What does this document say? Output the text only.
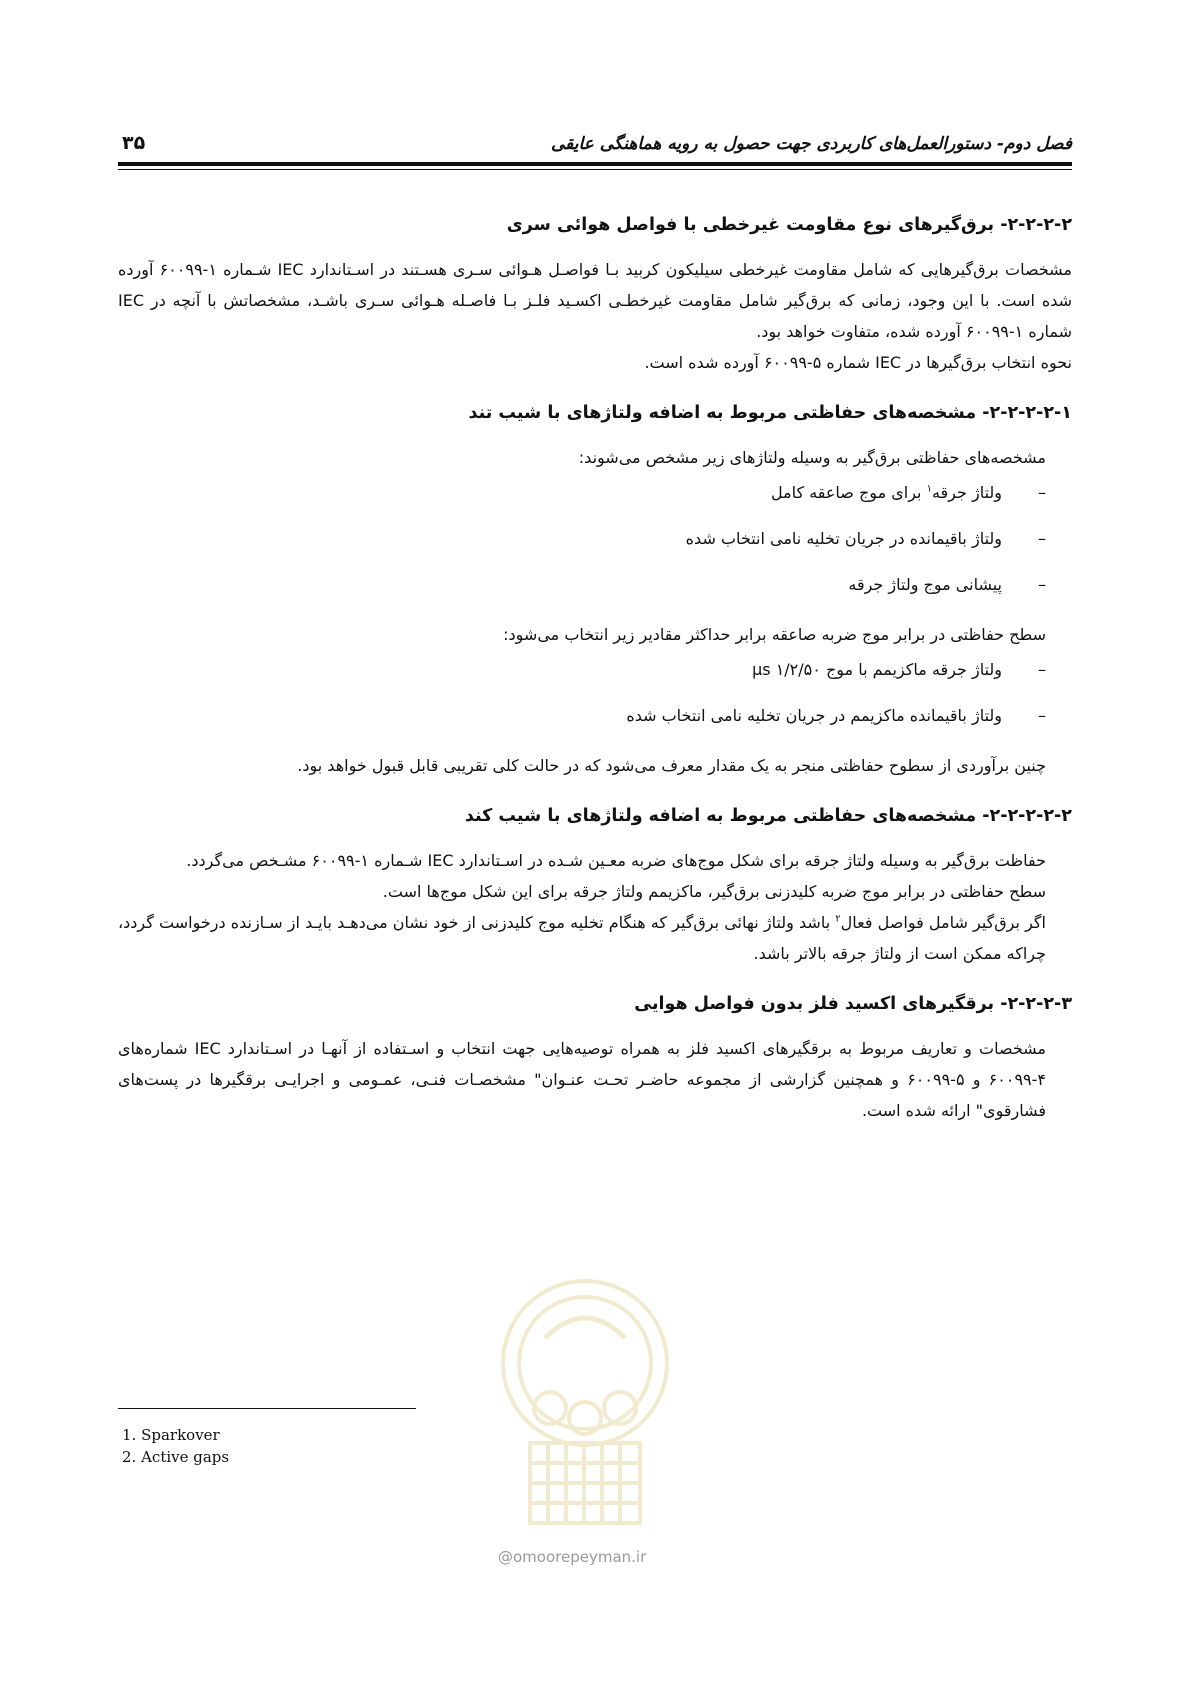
فصل دوم- دستورالعمل‌های کاربردی جهت حصول به رویه هماهنگی عایقی
۳۵
۲-۲-۲-۲- برق‌گیرهای نوع مقاومت غیرخطی با فواصل هوائی سری

مشخصات برق‌گیرهایی که شامل مقاومت غیرخطی سیلیکون کربید بـا فواصـل هـوائی سـری هسـتند در اسـتاندارد IEC شـماره ۱-۶۰۰۹۹ آورده شده است. با این وجود، زمانی که برق‌گیر شامل مقاومت غیرخطـی اکسـید فلـز بـا فاصـله هـوائی سـری باشـد، مشخصاتش با آنچه در IEC شماره ۱-۶۰۰۹۹ آورده شده، متفاوت خواهد بود.

نحوه انتخاب برق‌گیرها در IEC شماره ۵-۶۰۰۹۹ آورده شده است.

۲-۲-۲-۲-۱- مشخصه‌های حفاظتی مربوط به اضافه ولتاژهای با شیب تند

مشخصه‌های حفاظتی برق‌گیر به وسیله ولتاژهای زیر مشخص می‌شوند:

– ولتاژ جرقه$^۱$ برای موج صاعقه کامل
– ولتاژ باقیمانده در جریان تخلیه نامی انتخاب شده
– پیشانی موج ولتاژ جرقه

سطح حفاظتی در برابر موج ضربه صاعقه برابر حداکثر مقادیر زیر انتخاب می‌شود:

– ولتاژ جرقه ماکزیمم با موج µs ۱/۲/۵۰
– ولتاژ باقیمانده ماکزیمم در جریان تخلیه نامی انتخاب شده

چنین برآوردی از سطوح حفاظتی منجر به یک مقدار معرف می‌شود که در حالت کلی تقریبی قابل قبول خواهد بود.

۲-۲-۲-۲-۲- مشخصه‌های حفاظتی مربوط به اضافه ولتاژهای با شیب کند

حفاظت برق‌گیر به وسیله ولتاژ جرقه برای شکل موج‌های ضربه معـین شـده در اسـتاندارد IEC شـماره ۱-۶۰۰۹۹ مشـخص می‌گردد.

سطح حفاظتی در برابر موج ضربه کلیدزنی برق‌گیر، ماکزیمم ولتاژ جرقه برای این شکل موج‌ها است.

اگر برق‌گیر شامل فواصل فعال$^۲$ باشد ولتاژ نهائی برق‌گیر که هنگام تخلیه موج کلیدزنی از خود نشان می‌دهـد بایـد از سـازنده درخواست گردد، چراکه ممکن است از ولتاژ جرقه بالاتر باشد.

۲-۲-۲-۳- برقگیرهای اکسید فلز بدون فواصل هوایی

مشخصات و تعاریف مربوط به برقگیرهای اکسید فلز به همراه توصیه‌هایی جهت انتخاب و اسـتفاده از آنهـا در اسـتاندارد IEC شماره‌های ۴-۶۰۰۹۹ و ۵-۶۰۰۹۹ و همچنین گزارشی از مجموعه حاضـر تحـت عنـوان" مشخصـات فنـی، عمـومی و اجرایـی برقگیرها در پست‌های فشارقوی" ارائه شده است.

@omoorepeyman.ir
1. Sparkover
2. Active gaps
